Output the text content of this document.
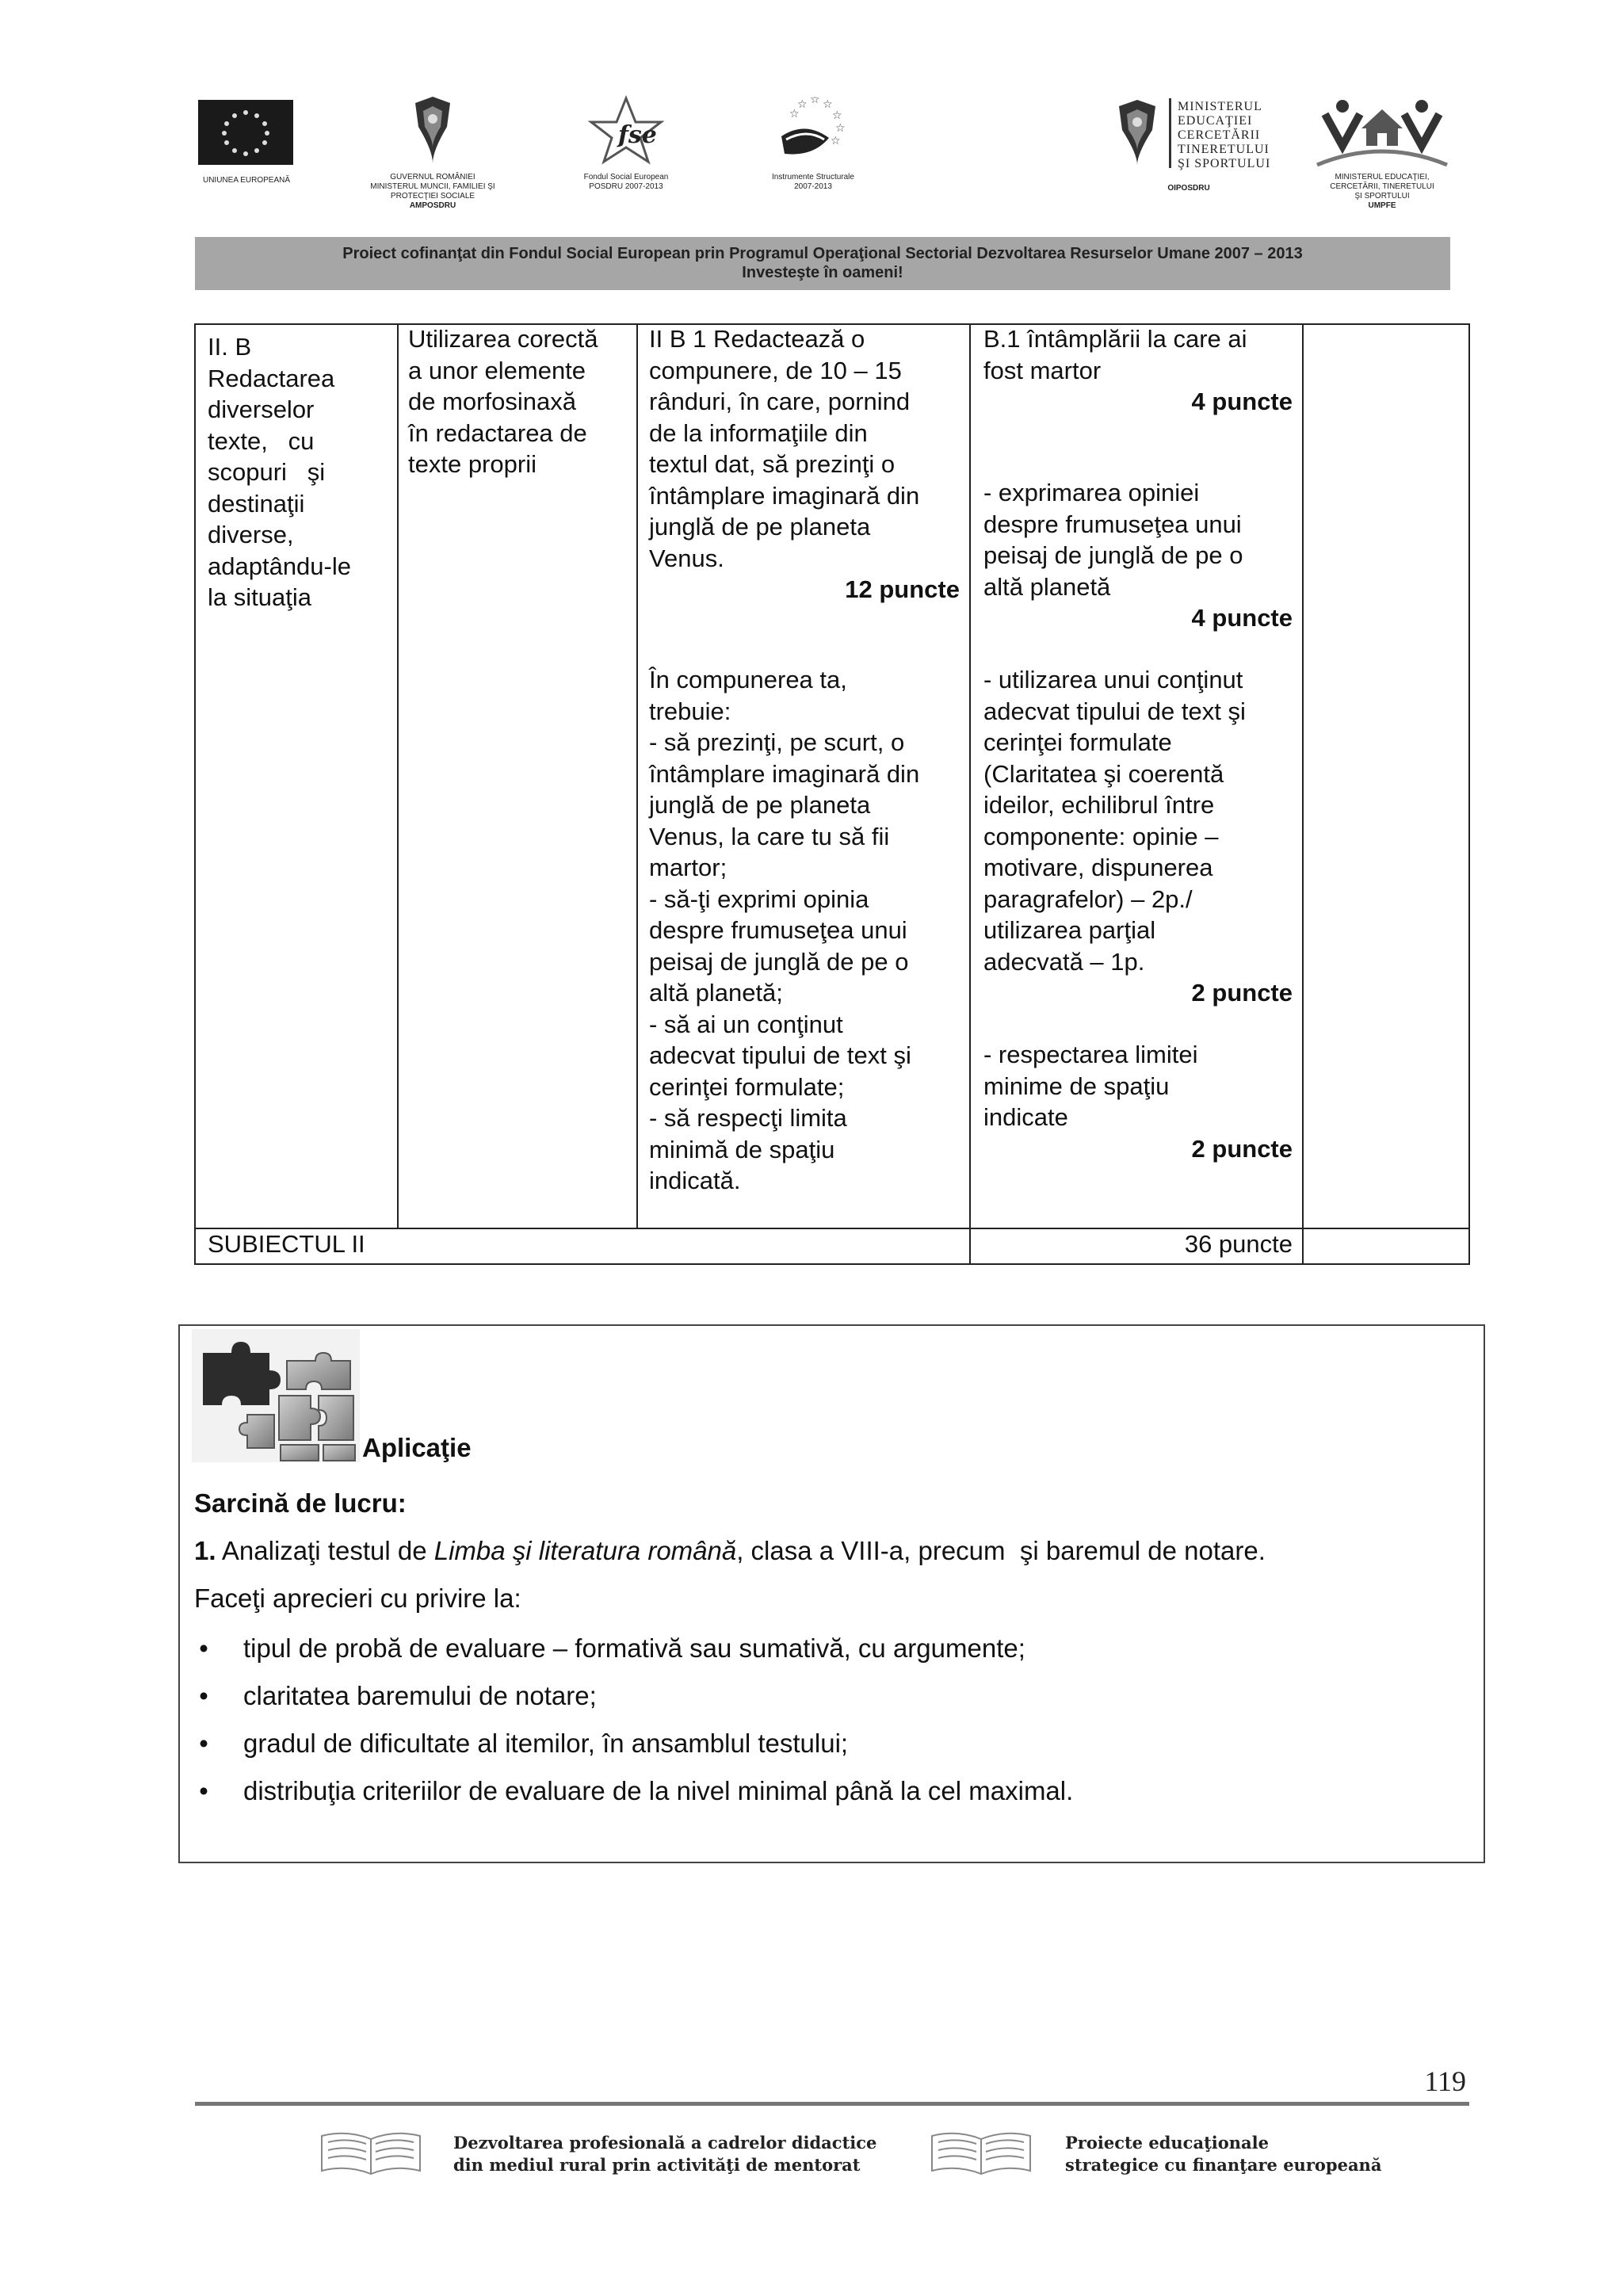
UNIUNEA EUROPEANĂ	GUVERNUL ROMÂNIEI
MINISTERUL MUNCII, FAMILIEI ŞI
PROTECŢIEI SOCIALE
AMPOSDRU
fse
Fondul Social European
POSDRU 2007-2013
☆ ☆ ☆
☆
☆
☆
☆
Instrumente Structurale
2007-2013
MINISTERUL
EDUCAŢIEI
CERCETĂRII
TINERETULUI
ŞI SPORTULUI
OIPOSDRU
MINISTERUL EDUCAŢIEI,
CERCETĂRII, TINERETULUI
ŞI SPORTULUI
UMPFE
Proiect cofinanţat din Fondul Social European prin Programul Operaţional Sectorial Dezvoltarea Resurselor Umane 2007 – 2013
Investeşte în oameni!
II. B
Redactarea
diverselor
texte,   cu
scopuri   şi
destinaţii
diverse,
adaptându-le
la situaţia
Utilizarea corectă
a unor elemente
de morfosinaxă
în redactarea de
texte proprii
II B 1 Redactează o
compunere, de 10 – 15
rânduri, în care, pornind
de la informaţiile din
textul dat, să prezinţi o
întâmplare imaginară din
junglă de pe planeta
Venus.
12 puncte
În compunerea ta,
trebuie:
- să prezinţi, pe scurt, o
întâmplare imaginară din
junglă de pe planeta
Venus, la care tu să fii
martor;
- să-ţi exprimi opinia
despre frumuseţea unui
peisaj de junglă de pe o
altă planetă;
- să ai un conţinut
adecvat tipului de text şi
cerinţei formulate;
- să respecţi limita
minimă de spaţiu
indicată.
B.1 întâmplării la care ai
fost martor
4 puncte
- exprimarea opiniei
despre frumuseţea unui
peisaj de junglă de pe o
altă planetă
4 puncte
- utilizarea unui conţinut
adecvat tipului de text şi
cerinţei formulate
(Claritatea şi coerentă
ideilor, echilibrul între
componente: opinie –
motivare, dispunerea
paragrafelor) – 2p./
utilizarea parţial
adecvată – 1p.
2 puncte
- respectarea limitei
minime de spaţiu
indicate
2 puncte
SUBIECTUL II	36 puncte
Aplicaţie
Sarcină de lucru:
1. Analizaţi testul de Limba şi literatura română, clasa a VIII-a, precum  şi baremul de notare.
Faceţi aprecieri cu privire la:
• tipul de probă de evaluare – formativă sau sumativă, cu argumente;
• claritatea baremului de notare;
• gradul de dificultate al itemilor, în ansamblul testului;
• distribuţia criteriilor de evaluare de la nivel minimal până la cel maximal.
119
Dezvoltarea profesională a cadrelor didactice
din mediul rural prin activităţi de mentorat
Proiecte educaţionale
strategice cu finanţare europeană
